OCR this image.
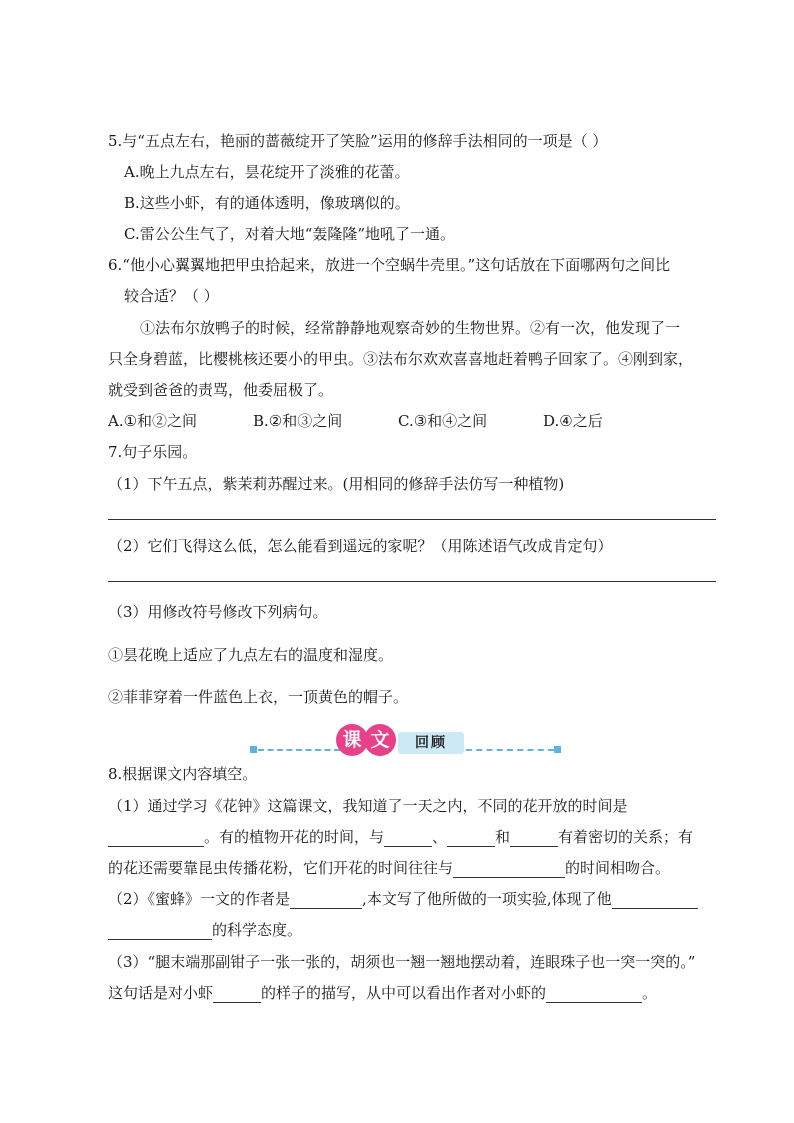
5.与“五点左右，艳丽的蔷薇绽开了笑脸”运用的修辞手法相同的一项是（ ）
A.晚上九点左右，昙花绽开了淡雅的花蕾。
B.这些小虾，有的通体透明，像玻璃似的。
C.雷公公生气了，对着大地“轰隆隆”地吼了一通。
6.“他小心翼翼地把甲虫拾起来，放进一个空蜗牛壳里。”这句话放在下面哪两句之间比
较合适？（ ）
①法布尔放鸭子的时候，经常静静地观察奇妙的生物世界。②有一次，他发现了一
只全身碧蓝，比樱桃核还要小的甲虫。③法布尔欢欢喜喜地赶着鸭子回家了。④刚到家，
就受到爸爸的责骂，他委屈极了。
A.①和②之间	B.②和③之间	C.③和④之间	D.④之后
7.句子乐园。
（1）下午五点，紫茉莉苏醒过来。(用相同的修辞手法仿写一种植物)
（2）它们飞得这么低，怎么能看到遥远的家呢？（用陈述语气改成肯定句）
（3）用修改符号修改下列病句。
①昙花晚上适应了九点左右的温度和湿度。
②菲菲穿着一件蓝色上衣，一顶黄色的帽子。
课 文	回顾
8.根据课文内容填空。
（1）通过学习《花钟》这篇课文，我知道了一天之内，不同的花开放的时间是
。有的植物开花的时间，与	、	和	有着密切的关系；有
的花还需要靠昆虫传播花粉，它们开花的时间往往与	的时间相吻合。
（2）《蜜蜂》一文的作者是	,本文写了他所做的一项实验,体现了他
的科学态度。
（3）“腿末端那副钳子一张一张的，胡须也一翘一翘地摆动着，连眼珠子也一突一突的。”
这句话是对小虾	的样子的描写，从中可以看出作者对小虾的	。
